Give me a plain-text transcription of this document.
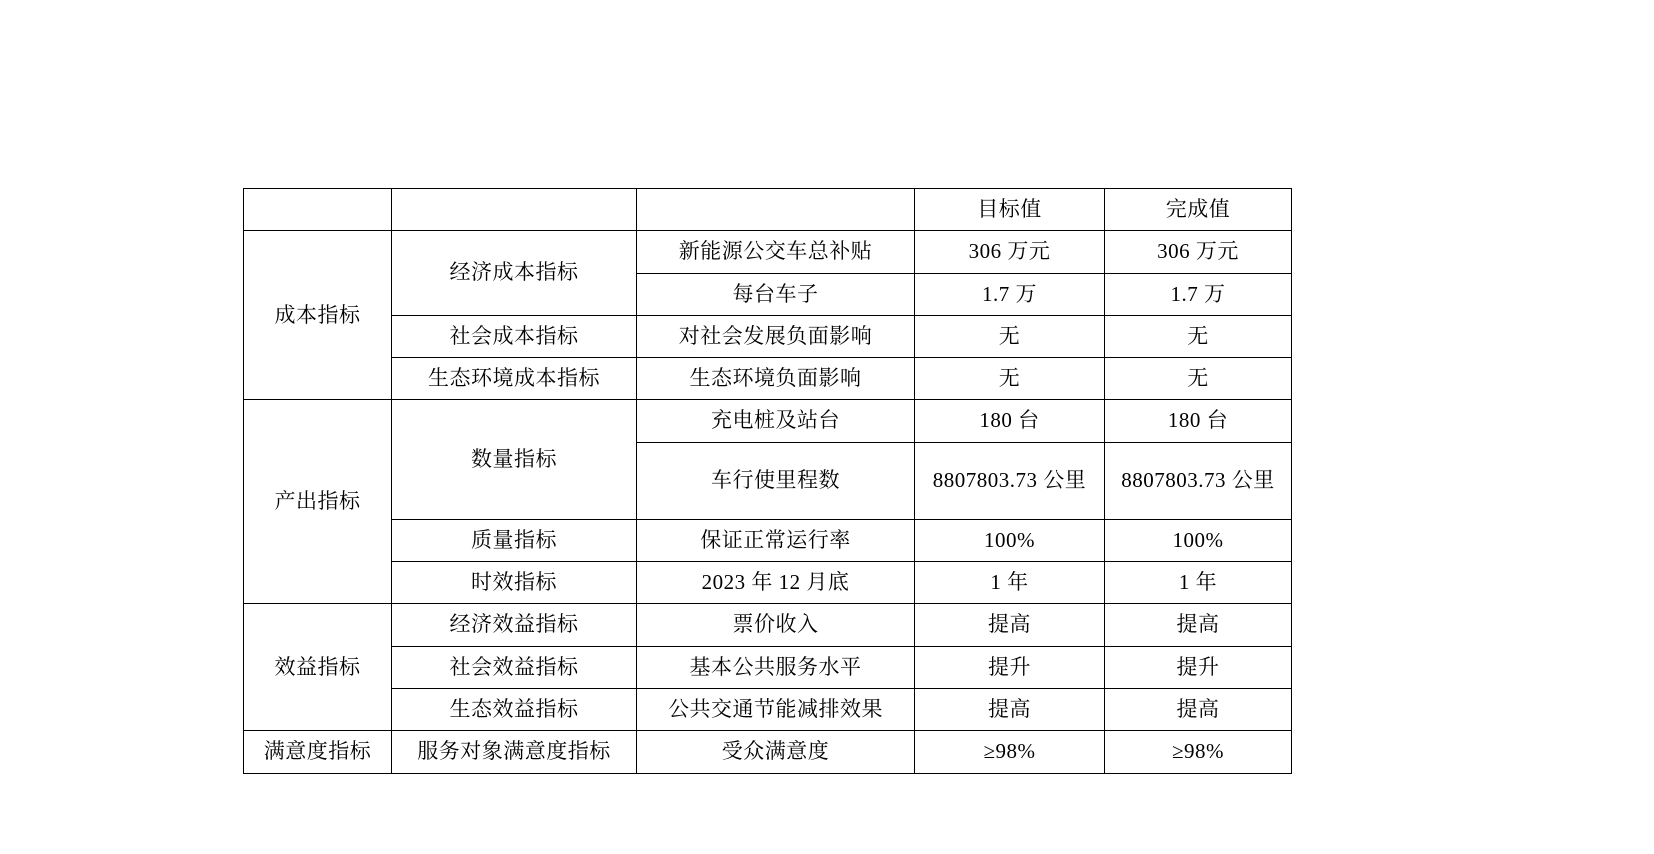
			目标值	完成值
成本指标	经济成本指标	新能源公交车总补贴	306 万元	306 万元
		每台车子	1.7 万	1.7 万
	社会成本指标	对社会发展负面影响	无	无
	生态环境成本指标	生态环境负面影响	无	无
产出指标	数量指标	充电桩及站台	180 台	180 台
		车行使里程数	8807803.73 公里	8807803.73 公里
	质量指标	保证正常运行率	100%	100%
	时效指标	2023 年 12 月底	1 年	1 年
效益指标	经济效益指标	票价收入	提高	提高
	社会效益指标	基本公共服务水平	提升	提升
	生态效益指标	公共交通节能减排效果	提高	提高
满意度指标	服务对象满意度指标	受众满意度	≥98%	≥98%
